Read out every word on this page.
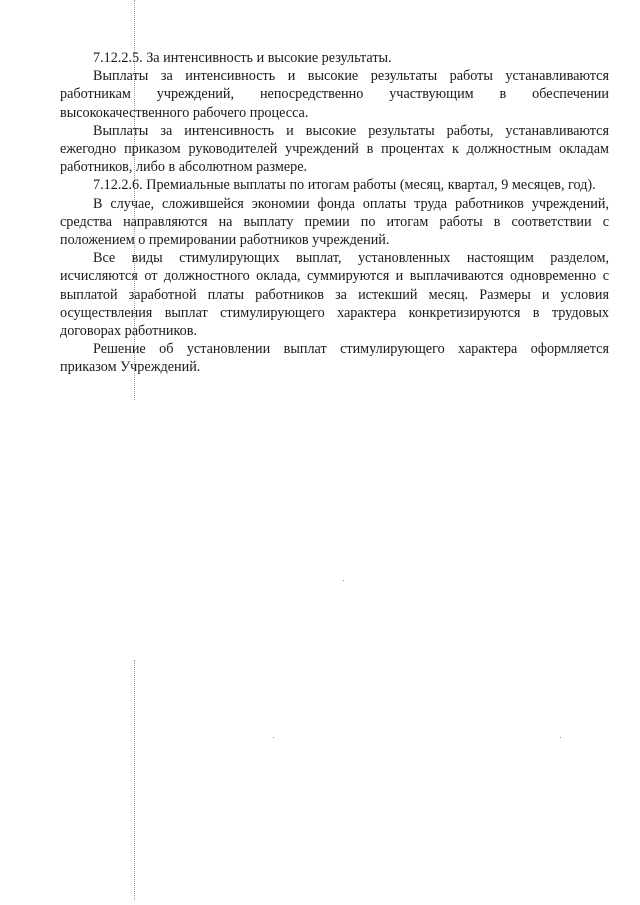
7.12.2.5. За интенсивность и высокие результаты.

Выплаты за интенсивность и высокие результаты работы устанавливаются работникам учреждений, непосредственно участвующим в обеспечении высококачественного рабочего процесса.

Выплаты за интенсивность и высокие результаты работы, устанавливаются ежегодно приказом руководителей учреждений в процентах к должностным окладам работников, либо в абсолютном размере.

7.12.2.6. Премиальные выплаты по итогам работы (месяц, квартал, 9 месяцев, год).

В случае, сложившейся экономии фонда оплаты труда работников учреждений, средства направляются на выплату премии по итогам работы в соответствии с положением о премировании работников учреждений.

Все виды стимулирующих выплат, установленных настоящим разделом, исчисляются от должностного оклада, суммируются и выплачиваются одновременно с выплатой заработной платы работников за истекший месяц. Размеры и условия осуществления выплат стимулирующего характера конкретизируются в трудовых договорах работников.

Решение об установлении выплат стимулирующего характера оформляется приказом Учреждений.
